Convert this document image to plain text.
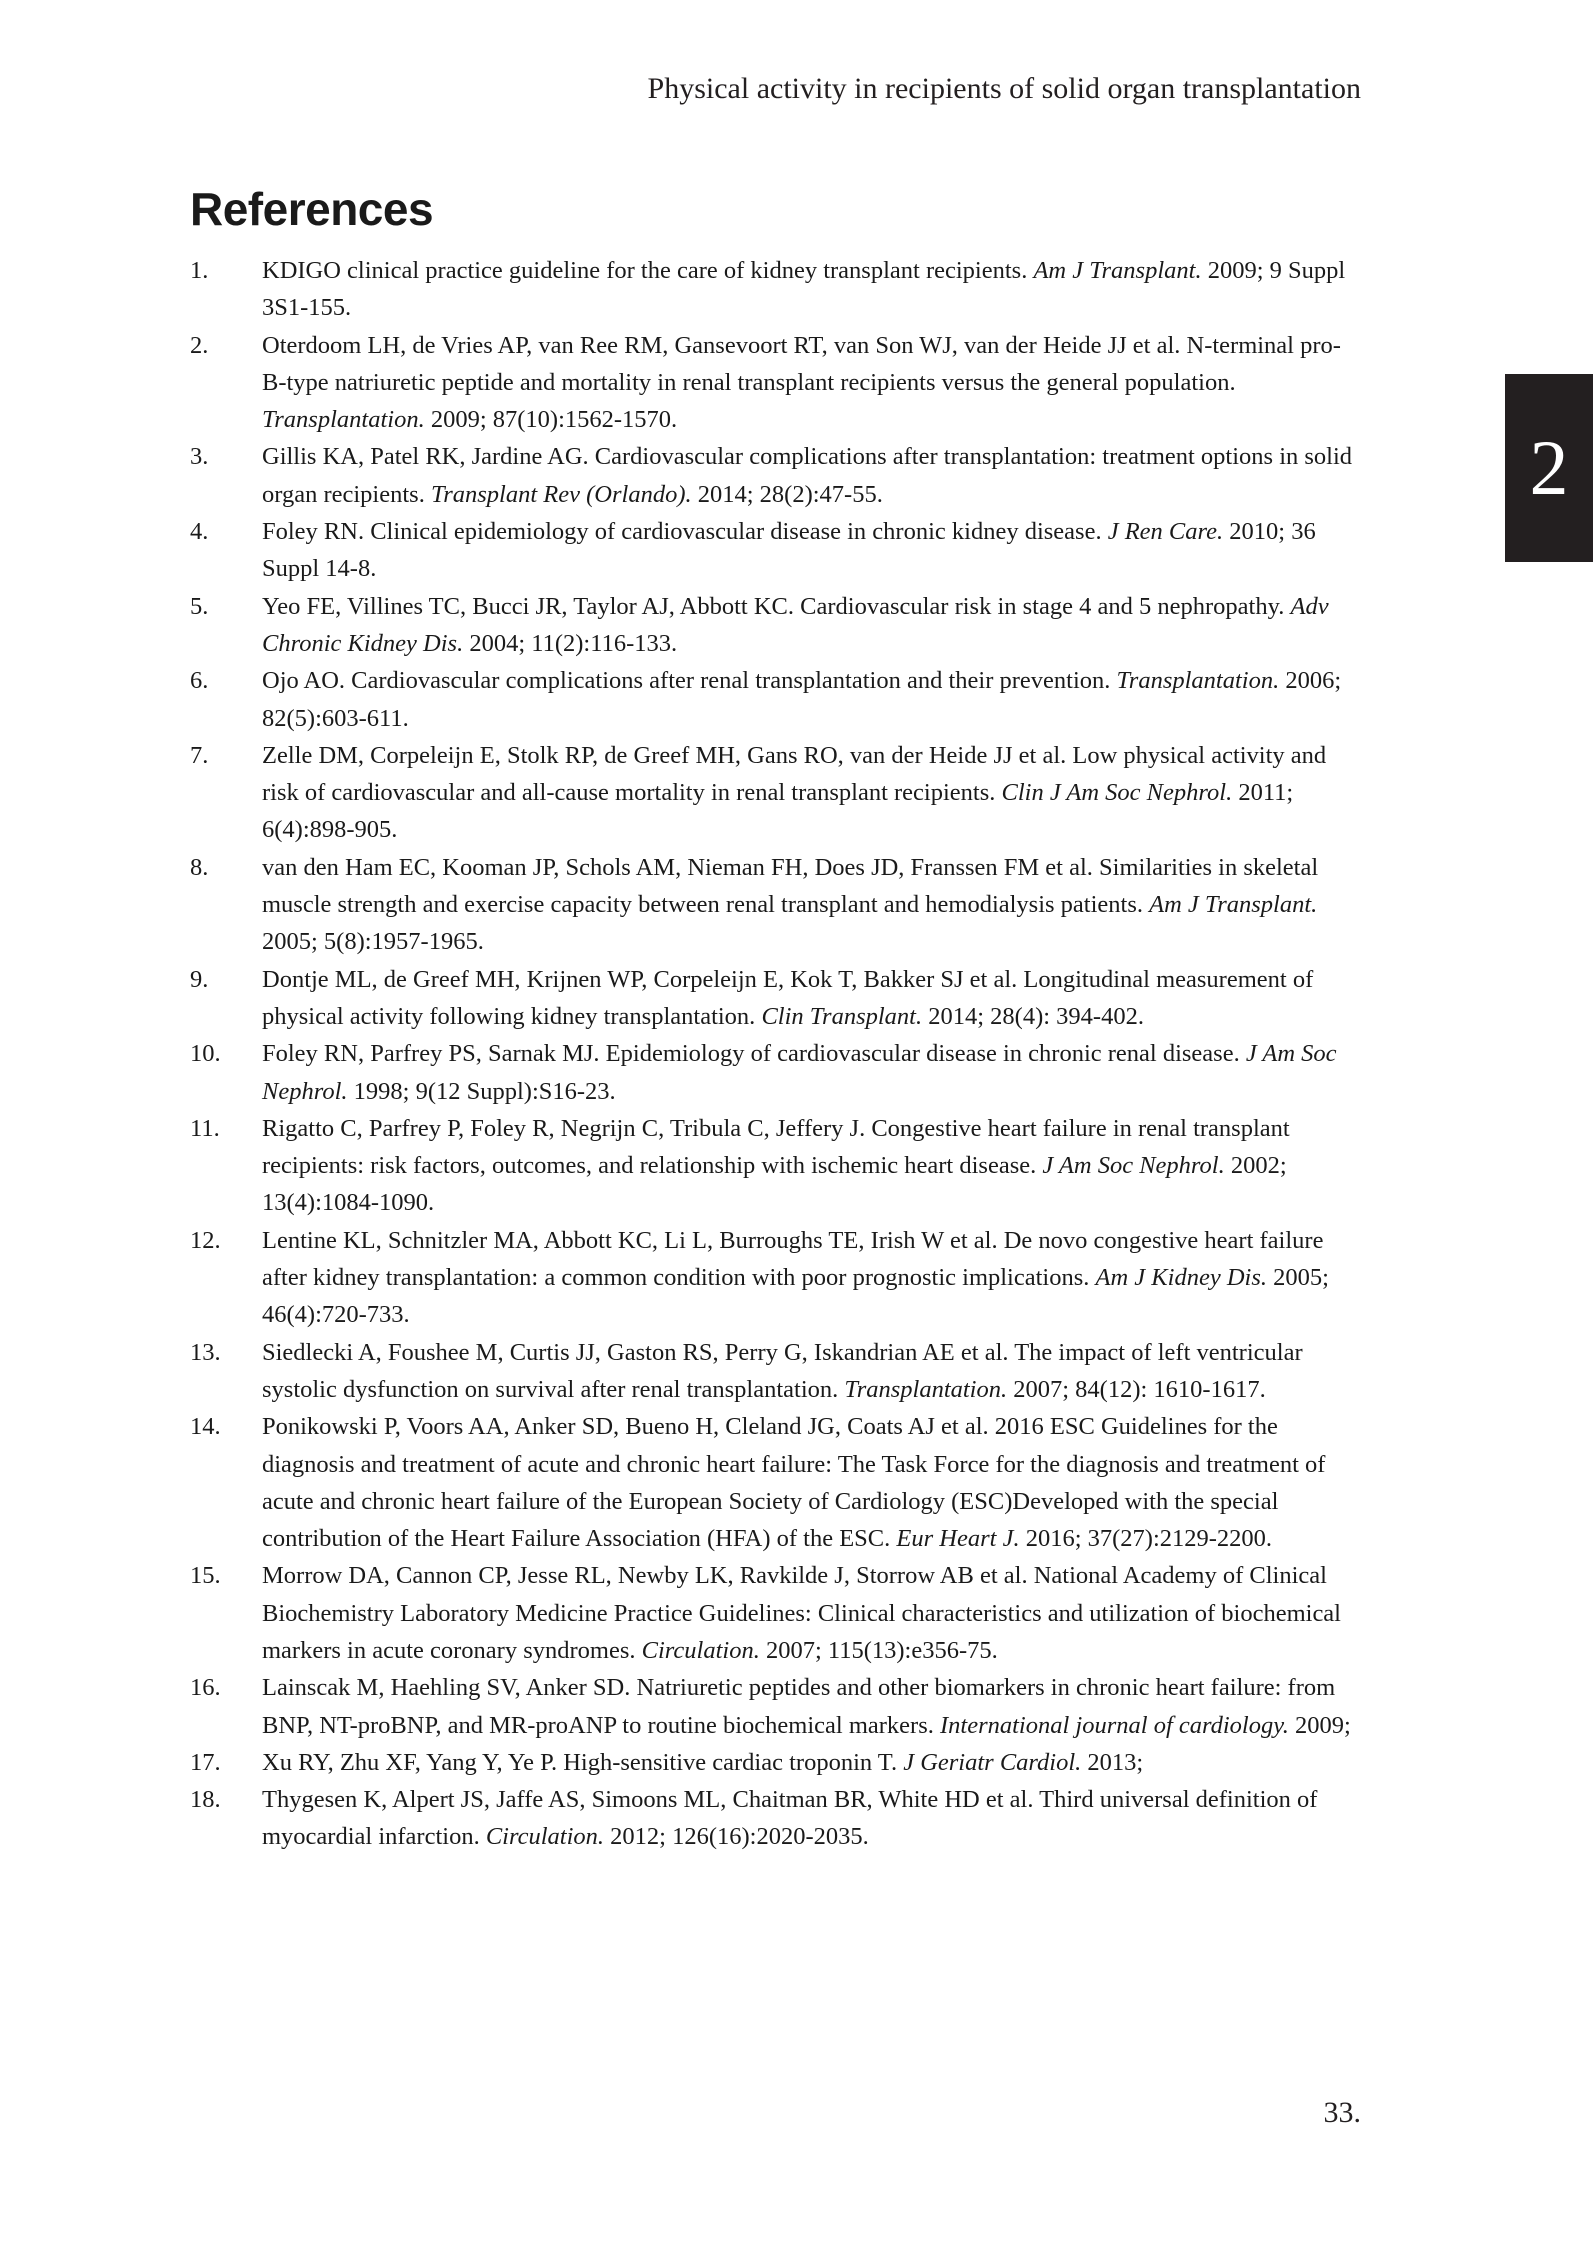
Physical activity in recipients of solid organ transplantation
2
References
1.	KDIGO clinical practice guideline for the care of kidney transplant recipients. Am J Transplant. 2009; 9 Suppl 3S1-155.
2.	Oterdoom LH, de Vries AP, van Ree RM, Gansevoort RT, van Son WJ, van der Heide JJ et al. N-terminal pro-B-type natriuretic peptide and mortality in renal transplant recipients versus the general population. Transplantation. 2009; 87(10):1562-1570.
3.	Gillis KA, Patel RK, Jardine AG. Cardiovascular complications after transplantation: treatment options in solid organ recipients. Transplant Rev (Orlando). 2014; 28(2):47-55.
4.	Foley RN. Clinical epidemiology of cardiovascular disease in chronic kidney disease. J Ren Care. 2010; 36 Suppl 14-8.
5.	Yeo FE, Villines TC, Bucci JR, Taylor AJ, Abbott KC. Cardiovascular risk in stage 4 and 5 nephropathy. Adv Chronic Kidney Dis. 2004; 11(2):116-133.
6.	Ojo AO. Cardiovascular complications after renal transplantation and their prevention. Transplantation. 2006; 82(5):603-611.
7.	Zelle DM, Corpeleijn E, Stolk RP, de Greef MH, Gans RO, van der Heide JJ et al. Low physical activity and risk of cardiovascular and all-cause mortality in renal transplant recipients. Clin J Am Soc Nephrol. 2011; 6(4):898-905.
8.	van den Ham EC, Kooman JP, Schols AM, Nieman FH, Does JD, Franssen FM et al. Similarities in skeletal muscle strength and exercise capacity between renal transplant and hemodialysis patients. Am J Transplant. 2005; 5(8):1957-1965.
9.	Dontje ML, de Greef MH, Krijnen WP, Corpeleijn E, Kok T, Bakker SJ et al. Longitudinal measurement of physical activity following kidney transplantation. Clin Transplant. 2014; 28(4): 394-402.
10.	Foley RN, Parfrey PS, Sarnak MJ. Epidemiology of cardiovascular disease in chronic renal disease. J Am Soc Nephrol. 1998; 9(12 Suppl):S16-23.
11.	Rigatto C, Parfrey P, Foley R, Negrijn C, Tribula C, Jeffery J. Congestive heart failure in renal transplant recipients: risk factors, outcomes, and relationship with ischemic heart disease. J Am Soc Nephrol. 2002; 13(4):1084-1090.
12.	Lentine KL, Schnitzler MA, Abbott KC, Li L, Burroughs TE, Irish W et al. De novo congestive heart failure after kidney transplantation: a common condition with poor prognostic implications. Am J Kidney Dis. 2005; 46(4):720-733.
13.	Siedlecki A, Foushee M, Curtis JJ, Gaston RS, Perry G, Iskandrian AE et al. The impact of left ventricular systolic dysfunction on survival after renal transplantation. Transplantation. 2007; 84(12): 1610-1617.
14.	Ponikowski P, Voors AA, Anker SD, Bueno H, Cleland JG, Coats AJ et al. 2016 ESC Guidelines for the diagnosis and treatment of acute and chronic heart failure: The Task Force for the diagnosis and treatment of acute and chronic heart failure of the European Society of Cardiology (ESC)Developed with the special contribution of the Heart Failure Association (HFA) of the ESC. Eur Heart J. 2016; 37(27):2129-2200.
15.	Morrow DA, Cannon CP, Jesse RL, Newby LK, Ravkilde J, Storrow AB et al. National Academy of Clinical Biochemistry Laboratory Medicine Practice Guidelines: Clinical characteristics and utilization of biochemical markers in acute coronary syndromes. Circulation. 2007; 115(13):e356-75.
16.	Lainscak M, Haehling SV, Anker SD. Natriuretic peptides and other biomarkers in chronic heart failure: from BNP, NT-proBNP, and MR-proANP to routine biochemical markers. International journal of cardiology. 2009;
17.	Xu RY, Zhu XF, Yang Y, Ye P. High-sensitive cardiac troponin T. J Geriatr Cardiol. 2013;
18.	Thygesen K, Alpert JS, Jaffe AS, Simoons ML, Chaitman BR, White HD et al. Third universal definition of myocardial infarction. Circulation. 2012; 126(16):2020-2035.
33.
